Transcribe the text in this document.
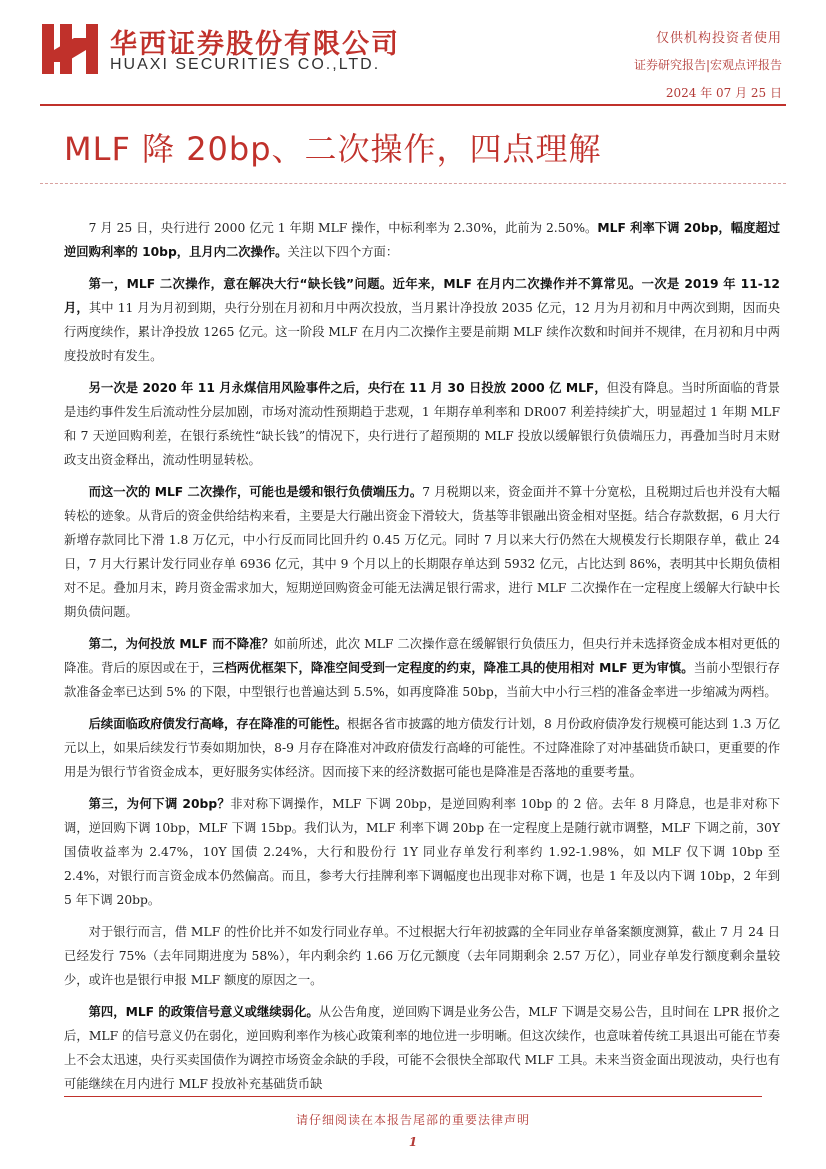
华西证券股份有限公司
HUAXI SECURITIES CO.,LTD.
仅供机构投资者使用
证券研究报告|宏观点评报告
2024 年 07 月 25 日
MLF 降 20bp、二次操作，四点理解

7 月 25 日，央行进行 2000 亿元 1 年期 MLF 操作，中标利率为 2.30%，此前为 2.50%。MLF 利率下调 20bp，幅度超过逆回购利率的 10bp，且月内二次操作。关注以下四个方面：

第一，MLF 二次操作，意在解决大行“缺长钱”问题。近年来，MLF 在月内二次操作并不算常见。一次是 2019 年 11-12 月，其中 11 月为月初到期，央行分别在月初和月中两次投放，当月累计净投放 2035 亿元，12 月为月初和月中两次到期，因而央行两度续作，累计净投放 1265 亿元。这一阶段 MLF 在月内二次操作主要是前期 MLF 续作次数和时间并不规律，在月初和月中两度投放时有发生。

另一次是 2020 年 11 月永煤信用风险事件之后，央行在 11 月 30 日投放 2000 亿 MLF，但没有降息。当时所面临的背景是违约事件发生后流动性分层加剧，市场对流动性预期趋于悲观，1 年期存单利率和 DR007 利差持续扩大，明显超过 1 年期 MLF 和 7 天逆回购利差，在银行系统性“缺长钱”的情况下，央行进行了超预期的 MLF 投放以缓解银行负债端压力，再叠加当时月末财政支出资金释出，流动性明显转松。

而这一次的 MLF 二次操作，可能也是缓和银行负债端压力。7 月税期以来，资金面并不算十分宽松，且税期过后也并没有大幅转松的迹象。从背后的资金供给结构来看，主要是大行融出资金下滑较大，货基等非银融出资金相对坚挺。结合存款数据，6 月大行新增存款同比下滑 1.8 万亿元，中小行反而同比回升约 0.45 万亿元。同时 7 月以来大行仍然在大规模发行长期限存单，截止 24 日，7 月大行累计发行同业存单 6936 亿元，其中 9 个月以上的长期限存单达到 5932 亿元，占比达到 86%，表明其中长期负债相对不足。叠加月末，跨月资金需求加大，短期逆回购资金可能无法满足银行需求，进行 MLF 二次操作在一定程度上缓解大行缺中长期负债问题。

第二，为何投放 MLF 而不降准？如前所述，此次 MLF 二次操作意在缓解银行负债压力，但央行并未选择资金成本相对更低的降准。背后的原因或在于，三档两优框架下，降准空间受到一定程度的约束，降准工具的使用相对 MLF 更为审慎。当前小型银行存款准备金率已达到 5% 的下限，中型银行也普遍达到 5.5%，如再度降准 50bp，当前大中小行三档的准备金率进一步缩减为两档。

后续面临政府债发行高峰，存在降准的可能性。根据各省市披露的地方债发行计划，8 月份政府债净发行规模可能达到 1.3 万亿元以上，如果后续发行节奏如期加快，8-9 月存在降准对冲政府债发行高峰的可能性。不过降准除了对冲基础货币缺口，更重要的作用是为银行节省资金成本，更好服务实体经济。因而接下来的经济数据可能也是降准是否落地的重要考量。

第三，为何下调 20bp？非对称下调操作，MLF 下调 20bp，是逆回购利率 10bp 的 2 倍。去年 8 月降息，也是非对称下调，逆回购下调 10bp，MLF 下调 15bp。我们认为，MLF 利率下调 20bp 在一定程度上是随行就市调整，MLF 下调之前，30Y 国债收益率为 2.47%，10Y 国债 2.24%，大行和股份行 1Y 同业存单发行利率约 1.92-1.98%，如 MLF 仅下调 10bp 至 2.4%，对银行而言资金成本仍然偏高。而且，参考大行挂牌利率下调幅度也出现非对称下调，也是 1 年及以内下调 10bp，2 年到 5 年下调 20bp。

对于银行而言，借 MLF 的性价比并不如发行同业存单。不过根据大行年初披露的全年同业存单备案额度测算，截止 7 月 24 日已经发行 75%（去年同期进度为 58%），年内剩余约 1.66 万亿元额度（去年同期剩余 2.57 万亿），同业存单发行额度剩余量较少，或许也是银行申报 MLF 额度的原因之一。

第四，MLF 的政策信号意义或继续弱化。从公告角度，逆回购下调是业务公告，MLF 下调是交易公告，且时间在 LPR 报价之后，MLF 的信号意义仍在弱化，逆回购利率作为核心政策利率的地位进一步明晰。但这次续作，也意味着传统工具退出可能在节奏上不会太迅速，央行买卖国债作为调控市场资金余缺的手段，可能不会很快全部取代 MLF 工具。未来当资金面出现波动，央行也有可能继续在月内进行 MLF 投放补充基础货币缺

请仔细阅读在本报告尾部的重要法律声明
1
